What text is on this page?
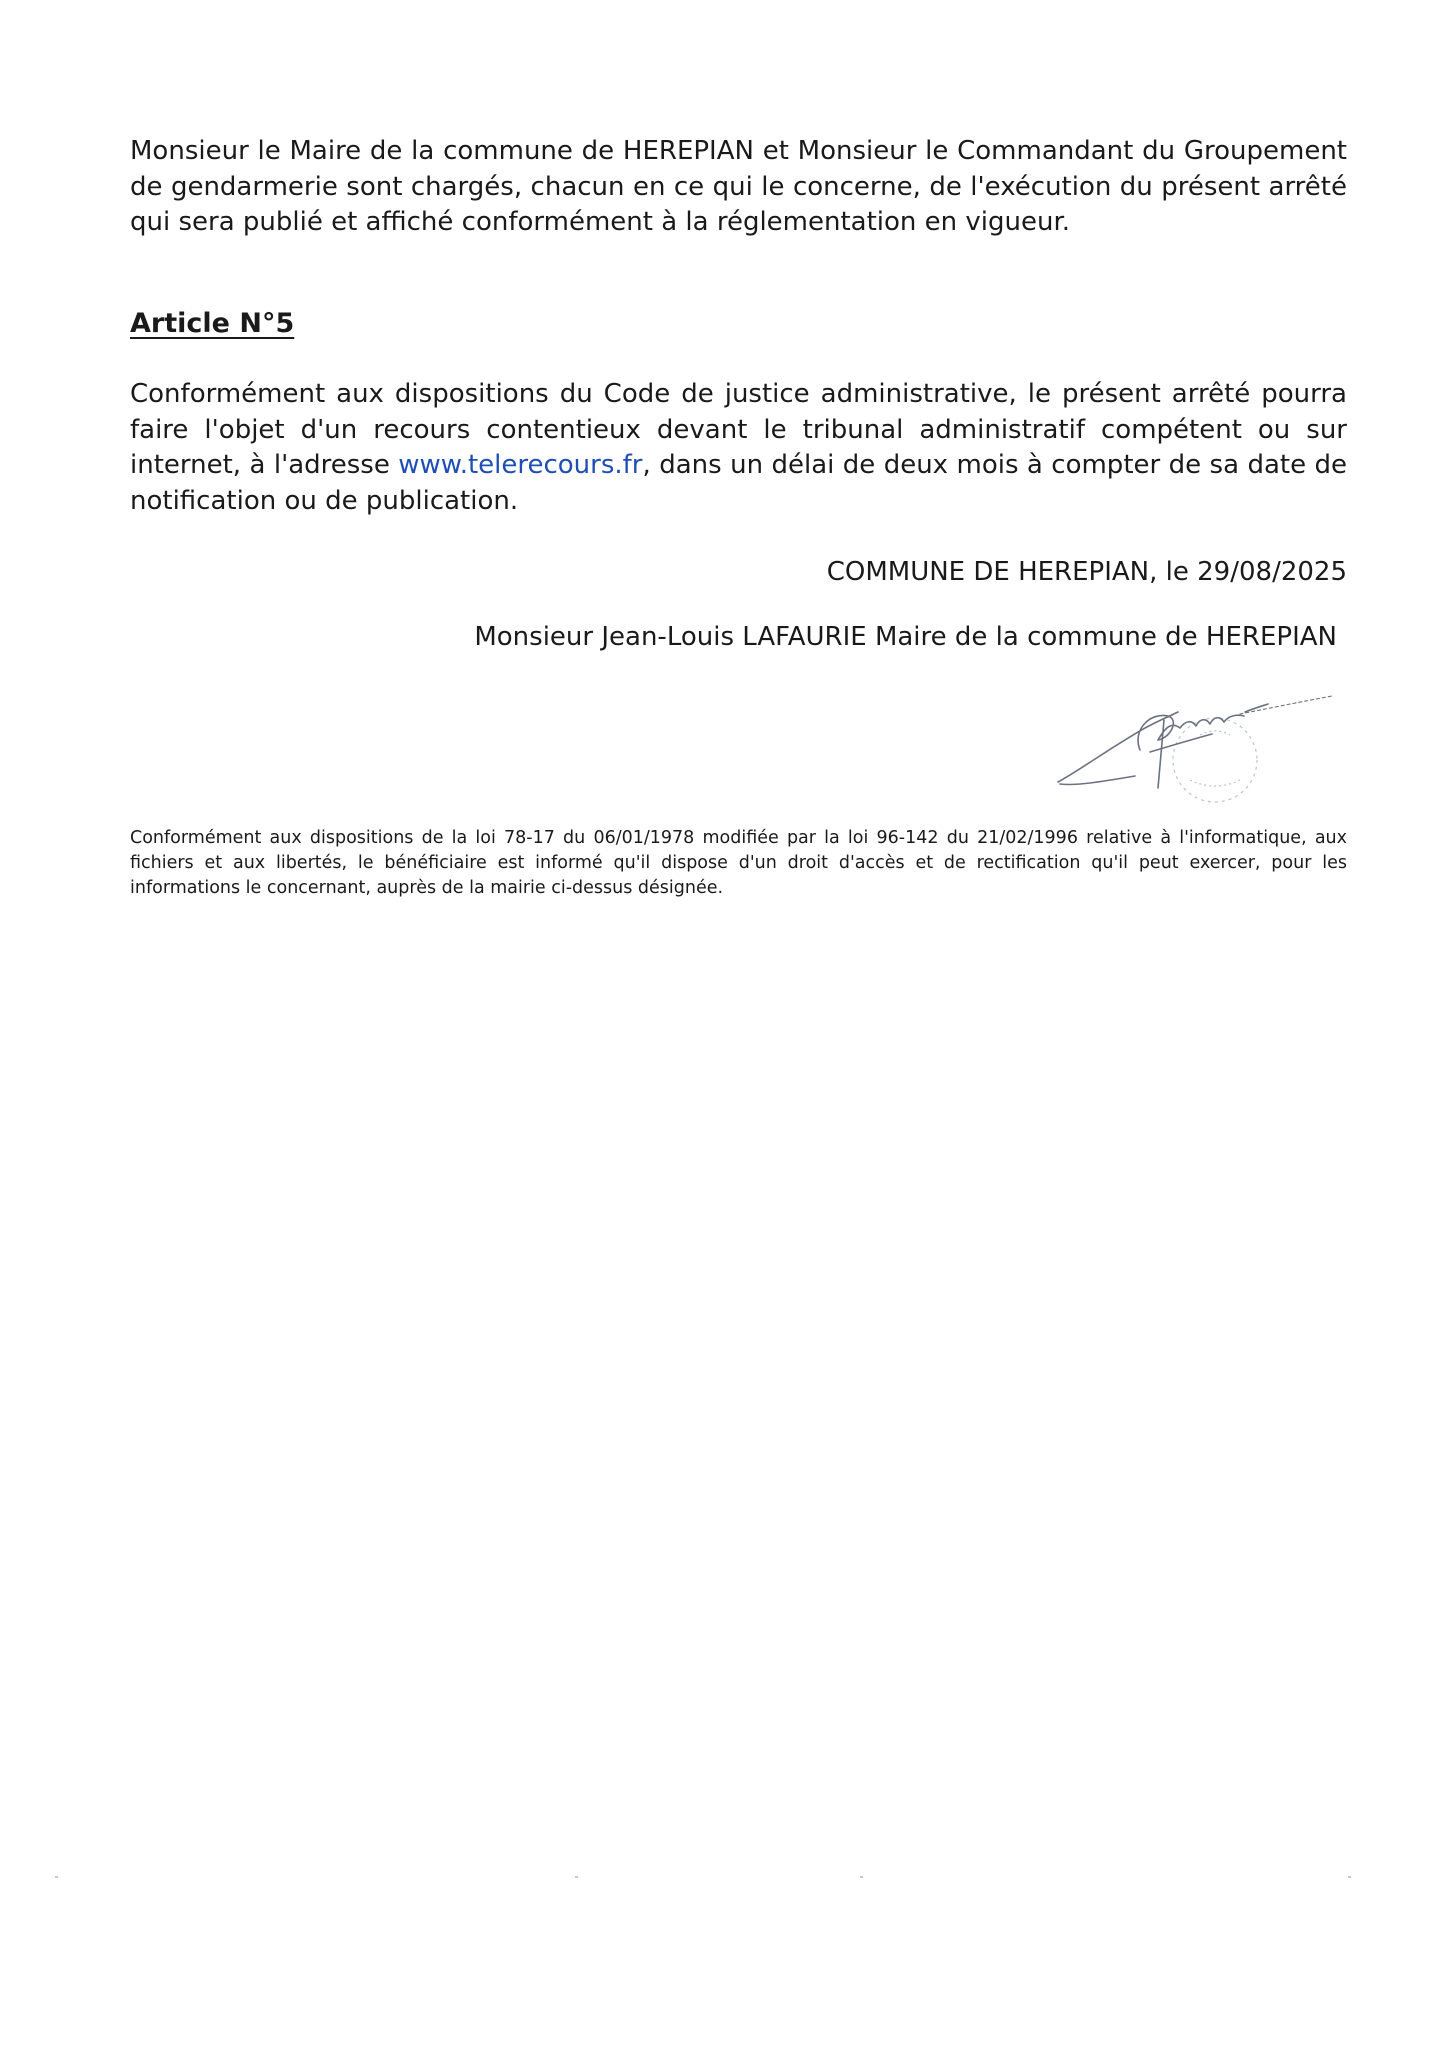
Monsieur le Maire de la commune de HEREPIAN et Monsieur le Commandant du Groupement de gendarmerie sont chargés, chacun en ce qui le concerne, de l'exécution du présent arrêté qui sera publié et affiché conformément à la réglementation en vigueur.

Article N°5

Conformément aux dispositions du Code de justice administrative, le présent arrêté pourra faire l'objet d'un recours contentieux devant le tribunal administratif compétent ou sur internet, à l'adresse www.telerecours.fr, dans un délai de deux mois à compter de sa date de notification ou de publication.

COMMUNE DE HEREPIAN, le 29/08/2025

Monsieur Jean-Louis LAFAURIE Maire de la commune de HEREPIAN

Conformément aux dispositions de la loi 78-17 du 06/01/1978 modifiée par la loi 96-142 du 21/02/1996 relative à l'informatique, aux fichiers et aux libertés, le bénéficiaire est informé qu'il dispose d'un droit d'accès et de rectification qu'il peut exercer, pour les informations le concernant, auprès de la mairie ci-dessus désignée.
